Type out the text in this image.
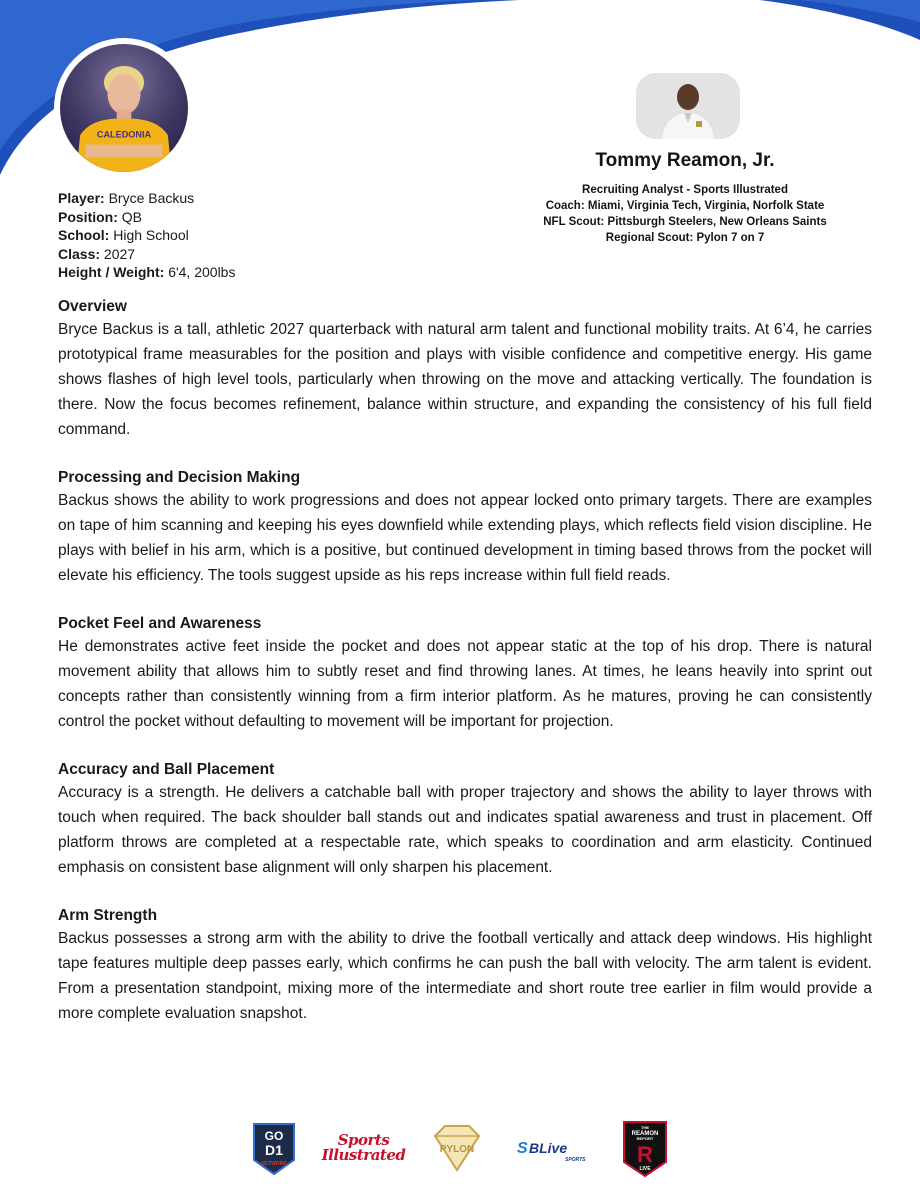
CALEDONIA
Player: Bryce Backus
Position: QB
School: High School
Class: 2027
Height / Weight: 6'4, 200lbs
Tommy Reamon, Jr.
Recruiting Analyst - Sports Illustrated
Coach: Miami, Virginia Tech, Virginia, Norfolk State
NFL Scout: Pittsburgh Steelers, New Orleans Saints
Regional Scout: Pylon 7 on 7
Overview

Bryce Backus is a tall, athletic 2027 quarterback with natural arm talent and functional mobility traits. At 6’4, he carries prototypical frame measurables for the position and plays with visible confidence and competitive energy. His game shows flashes of high level tools, particularly when throwing on the move and attacking vertically. The foundation is there. Now the focus becomes refinement, balance within structure, and expanding the consistency of his full field command.

Processing and Decision Making

Backus shows the ability to work progressions and does not appear locked onto primary targets. There are examples on tape of him scanning and keeping his eyes downfield while extending plays, which reflects field vision discipline. He plays with belief in his arm, which is a positive, but continued development in timing based throws from the pocket will elevate his efficiency. The tools suggest upside as his reps increase within full field reads.

Pocket Feel and Awareness

He demonstrates active feet inside the pocket and does not appear static at the top of his drop. There is natural movement ability that allows him to subtly reset and find throwing lanes. At times, he leans heavily into sprint out concepts rather than consistently winning from a firm interior platform. As he matures, proving he can consistently control the pocket without defaulting to movement will be important for projection.

Accuracy and Ball Placement

Accuracy is a strength. He delivers a catchable ball with proper trajectory and shows the ability to layer throws with touch when required. The back shoulder ball stands out and indicates spatial awareness and trust in placement. Off platform throws are completed at a respectable rate, which speaks to coordination and arm elasticity. Continued emphasis on consistent base alignment will only sharpen his placement.

Arm Strength

Backus possesses a strong arm with the ability to drive the football vertically and attack deep windows. His highlight tape features multiple deep passes early, which confirms he can push the ball with velocity. The arm talent is evident. From a presentation standpoint, mixing more of the intermediate and short route tree earlier in film would provide a more complete evaluation snapshot.

GO
D1
NETWORK
Sports
Illustrated	PYLON	S BLive
SPORTS
THE
REAMON
REPORT
R
LIVE
